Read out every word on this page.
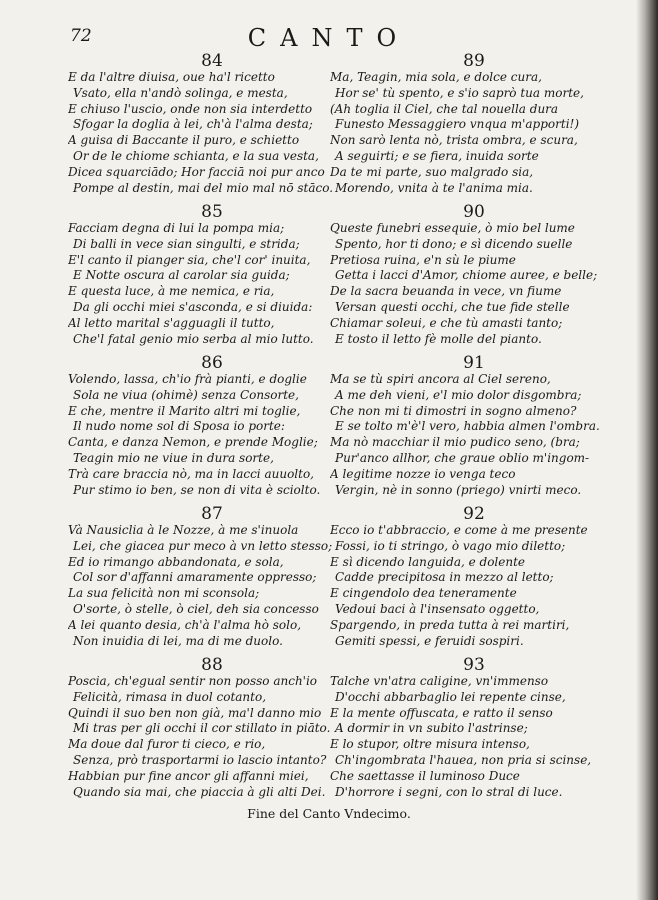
72	CANTO
84
E da l'altre diuisa, oue ha'l ricetto
Vsato, ella n'andò solinga, e mesta,
E chiuso l'uscio, onde non sia interdetto
Sfogar la doglia à lei, ch'à l'alma desta;
A guisa di Baccante il puro, e schietto
Or de le chiome schianta, e la sua vesta,
Dicea squarciādo; Hor facciā noi pur anco
Pompe al destin, mai del mio mal nō stāco.
85
Facciam degna di lui la pompa mia;
Di balli in vece sian singulti, e strida;
E'l canto il pianger sia, che'l cor' inuita,
E Notte oscura al carolar sia guida;
E questa luce, à me nemica, e ria,
Da gli occhi miei s'asconda, e si diuida:
Al letto marital s'agguagli il tutto,
Che'l fatal genio mio serba al mio lutto.
86
Volendo, lassa, ch'io frà pianti, e doglie
Sola ne viua (ohimè) senza Consorte,
E che, mentre il Marito altri mi toglie,
Il nudo nome sol di Sposa io porte:
Canta, e danza Nemon, e prende Moglie;
Teagin mio ne viue in dura sorte,
Trà care braccia nò, ma in lacci auuolto,
Pur stimo io ben, se non di vita è sciolto.
87
Và Nausiclia à le Nozze, à me s'inuola
Lei, che giacea pur meco à vn letto stesso;
Ed io rimango abbandonata, e sola,
Col sor d'affanni amaramente oppresso;
La sua felicità non mi sconsola;
O'sorte, ò stelle, ò ciel, deh sia concesso
A lei quanto desia, ch'à l'alma hò solo,
Non inuidia di lei, ma di me duolo.
88
Poscia, ch'egual sentir non posso anch'io
Felicità, rimasa in duol cotanto,
Quindi il suo ben non già, ma'l danno mio
Mi tras per gli occhi il cor stillato in piāto.
Ma doue dal furor ti cieco, e rio,
Senza, prò trasportarmi io lascio intanto?
Habbian pur fine ancor gli affanni miei,
Quando sia mai, che piaccia à gli alti Dei.
89
Ma, Teagin, mia sola, e dolce cura,
Hor se' tù spento, e s'io saprò tua morte,
(Ah toglia il Ciel, che tal nouella dura
Funesto Messaggiero vnqua m'apporti!)
Non sarò lenta nò, trista ombra, e scura,
A seguirti; e se fiera, inuida sorte
Da te mi parte, suo malgrado sia,
Morendo, vnita à te l'anima mia.
90
Queste funebri essequie, ò mio bel lume
Spento, hor ti dono; e sì dicendo suelle
Pretiosa ruina, e'n sù le piume
Getta i lacci d'Amor, chiome auree, e belle;
De la sacra beuanda in vece, vn fiume
Versan questi occhi, che tue fide stelle
Chiamar soleui, e che tù amasti tanto;
E tosto il letto fè molle del pianto.
91
Ma se tù spiri ancora al Ciel sereno,
A me deh vieni, e'l mio dolor disgombra;
Che non mi ti dimostri in sogno almeno?
E se tolto m'è'l vero, habbia almen l'ombra.
Ma nò macchiar il mio pudico seno, (bra;
Pur'anco allhor, che graue oblio m'ingom-
A legitime nozze io venga teco
Vergin, nè in sonno (priego) vnirti meco.
92
Ecco io t'abbraccio, e come à me presente
Fossi, io ti stringo, ò vago mio diletto;
E sì dicendo languida, e dolente
Cadde precipitosa in mezzo al letto;
E cingendolo dea teneramente
Vedoui baci à l'insensato oggetto,
Spargendo, in preda tutta à rei martiri,
Gemiti spessi, e feruidi sospiri.
93
Talche vn'atra caligine, vn'immenso
D'occhi abbarbaglio lei repente cinse,
E la mente offuscata, e ratto il senso
A dormir in vn subito l'astrinse;
E lo stupor, oltre misura intenso,
Ch'ingombrata l'hauea, non pria si scinse,
Che saettasse il luminoso Duce
D'horrore i segni, con lo stral di luce.
Fine del Canto Vndecimo.
